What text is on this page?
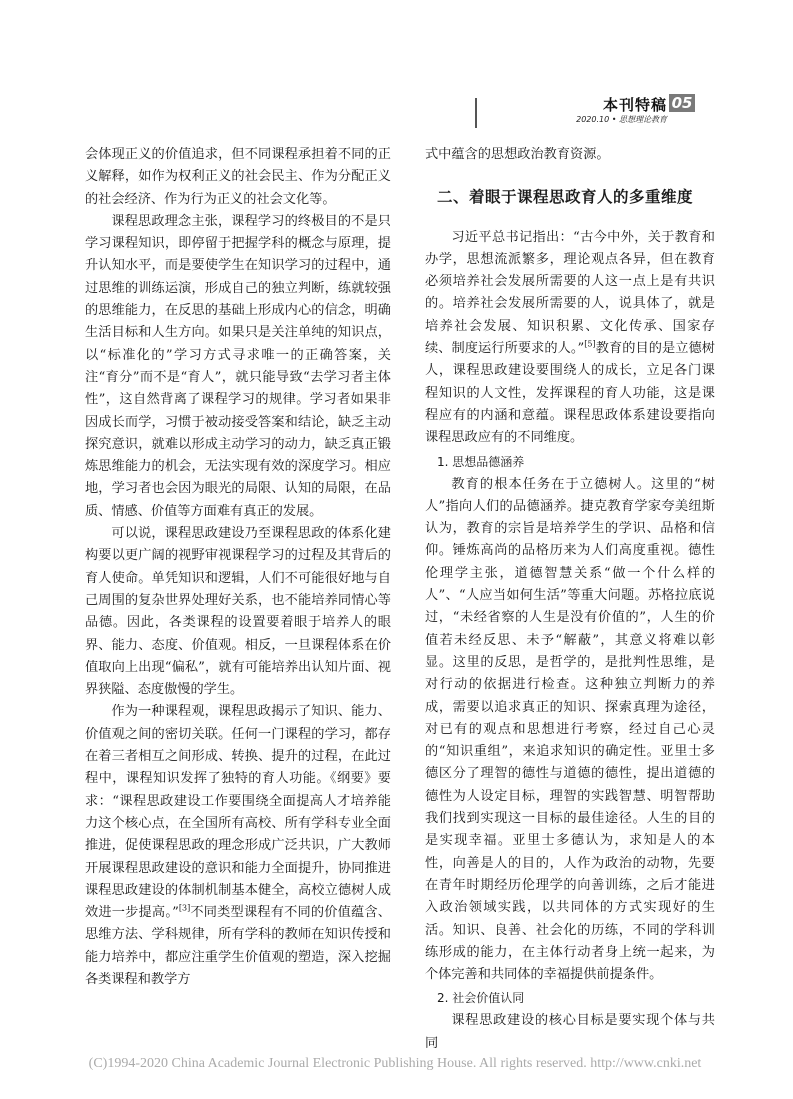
本刊特稿
2020.10 • 思想理论教育
05

会体现正义的价值追求，但不同课程承担着不同的正义解释，如作为权利正义的社会民主、作为分配正义的社会经济、作为行为正义的社会文化等。

课程思政理念主张，课程学习的终极目的不是只学习课程知识，即停留于把握学科的概念与原理，提升认知水平，而是要使学生在知识学习的过程中，通过思维的训练运演，形成自己的独立判断，练就较强的思维能力，在反思的基础上形成内心的信念，明确生活目标和人生方向。如果只是关注单纯的知识点，以“标准化的”学习方式寻求唯一的正确答案，关注“育分”而不是“育人”，就只能导致“去学习者主体性”，这自然背离了课程学习的规律。学习者如果非因成长而学，习惯于被动接受答案和结论，缺乏主动探究意识，就难以形成主动学习的动力，缺乏真正锻炼思维能力的机会，无法实现有效的深度学习。相应地，学习者也会因为眼光的局限、认知的局限，在品质、情感、价值等方面难有真正的发展。

可以说，课程思政建设乃至课程思政的体系化建构要以更广阔的视野审视课程学习的过程及其背后的育人使命。单凭知识和逻辑，人们不可能很好地与自己周围的复杂世界处理好关系，也不能培养同情心等品德。因此，各类课程的设置要着眼于培养人的眼界、能力、态度、价值观。相反，一旦课程体系在价值取向上出现“偏私”，就有可能培养出认知片面、视界狭隘、态度傲慢的学生。

作为一种课程观，课程思政揭示了知识、能力、价值观之间的密切关联。任何一门课程的学习，都存在着三者相互之间形成、转换、提升的过程，在此过程中，课程知识发挥了独特的育人功能。《纲要》要求：“课程思政建设工作要围绕全面提高人才培养能力这个核心点，在全国所有高校、所有学科专业全面推进，促使课程思政的理念形成广泛共识，广大教师开展课程思政建设的意识和能力全面提升，协同推进课程思政建设的体制机制基本健全，高校立德树人成效进一步提高。”[3]不同类型课程有不同的价值蕴含、思维方法、学科规律，所有学科的教师在知识传授和能力培养中，都应注重学生价值观的塑造，深入挖掘各类课程和教学方

式中蕴含的思想政治教育资源。

二、着眼于课程思政育人的多重维度

习近平总书记指出：“古今中外，关于教育和办学，思想流派繁多，理论观点各异，但在教育必须培养社会发展所需要的人这一点上是有共识的。培养社会发展所需要的人，说具体了，就是培养社会发展、知识积累、文化传承、国家存续、制度运行所要求的人。”[5]教育的目的是立德树人，课程思政建设要围绕人的成长，立足各门课程知识的人文性，发挥课程的育人功能，这是课程应有的内涵和意蕴。课程思政体系建设要指向课程思政应有的不同维度。

1. 思想品德涵养

教育的根本任务在于立德树人。这里的“树人”指向人们的品德涵养。捷克教育学家夸美纽斯认为，教育的宗旨是培养学生的学识、品格和信仰。锤炼高尚的品格历来为人们高度重视。德性伦理学主张，道德智慧关系“做一个什么样的人”、“人应当如何生活”等重大问题。苏格拉底说过，“未经省察的人生是没有价值的”，人生的价值若未经反思、未予“解蔽”，其意义将难以彰显。这里的反思，是哲学的，是批判性思维，是对行动的依据进行检查。这种独立判断力的养成，需要以追求真正的知识、探索真理为途径，对已有的观点和思想进行考察，经过自己心灵的“知识重组”，来追求知识的确定性。亚里士多德区分了理智的德性与道德的德性，提出道德的德性为人设定目标，理智的实践智慧、明智帮助我们找到实现这一目标的最佳途径。人生的目的是实现幸福。亚里士多德认为，求知是人的本性，向善是人的目的，人作为政治的动物，先要在青年时期经历伦理学的向善训练，之后才能进入政治领域实践，以共同体的方式实现好的生活。知识、良善、社会化的历练，不同的学科训练形成的能力，在主体行动者身上统一起来，为个体完善和共同体的幸福提供前提条件。

2. 社会价值认同

课程思政建设的核心目标是要实现个体与共同

(C)1994-2020 China Academic Journal Electronic Publishing House. All rights reserved. http://www.cnki.net
